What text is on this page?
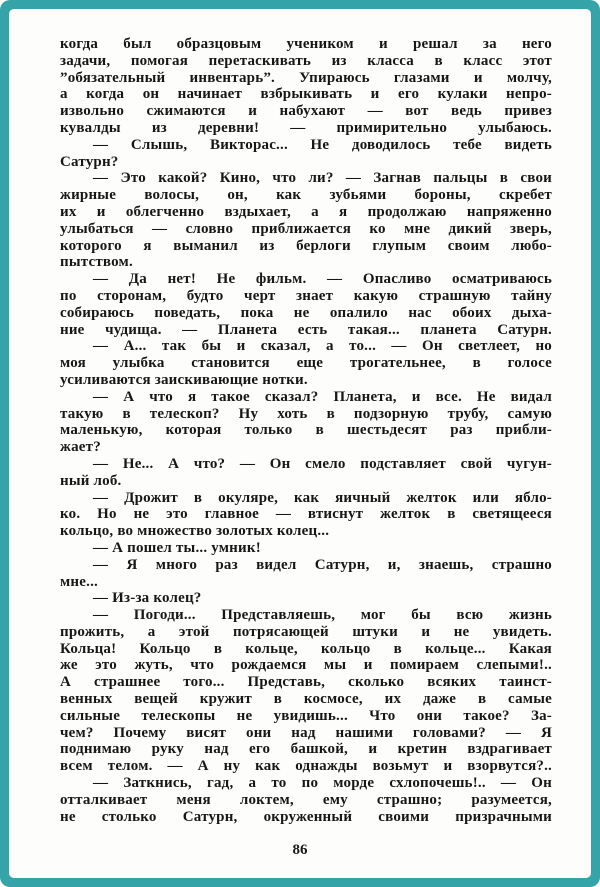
когда был образцовым учеником и решал за него
задачи, помогая перетаскивать из класса в класс этот
”обязательный инвентарь”. Упираюсь глазами и молчу,
а когда он начинает взбрыкивать и его кулаки непро-
извольно сжимаются и набухают — вот ведь привез
кувалды из деревни! — примирительно улыбаюсь.
— Слышь, Викторас... Не доводилось тебе видеть
Сатурн?
— Это какой? Кино, что ли? — Загнав пальцы в свои
жирные волосы, он, как зубьями бороны, скребет
их и облегченно вздыхает, а я продолжаю напряженно
улыбаться — словно приближается ко мне дикий зверь,
которого я выманил из берлоги глупым своим любо-
пытством.
— Да нет! Не фильм. — Опасливо осматриваюсь
по сторонам, будто черт знает какую страшную тайну
собираюсь поведать, пока не опалило нас обоих дыха-
ние чудища. — Планета есть такая... планета Сатурн.
— А... так бы и сказал, а то... — Он светлеет, но
моя улыбка становится еще трогательнее, в голосе
усиливаются заискивающие нотки.
— А что я такое сказал? Планета, и все. Не видал
такую в телескоп? Ну хоть в подзорную трубу, самую
маленькую, которая только в шестьдесят раз прибли-
жает?
— Не... А что? — Он смело подставляет свой чугун-
ный лоб.
— Дрожит в окуляре, как яичный желток или ябло-
ко. Но не это главное — втиснут желток в светящееся
кольцо, во множество золотых колец...
— А пошел ты... умник!
— Я много раз видел Сатурн, и, знаешь, страшно
мне...
— Из-за колец?
— Погоди... Представляешь, мог бы всю жизнь
прожить, а этой потрясающей штуки и не увидеть.
Кольца! Кольцо в кольце, кольцо в кольце... Какая
же это жуть, что рождаемся мы и помираем слепыми!..
А страшнее того... Представь, сколько всяких таинст-
венных вещей кружит в космосе, их даже в самые
сильные телескопы не увидишь... Что они такое? За-
чем? Почему висят они над нашими головами? — Я
поднимаю руку над его башкой, и кретин вздрагивает
всем телом. — А ну как однажды возьмут и взорвутся?..
— Заткнись, гад, а то по морде схлопочешь!.. — Он
отталкивает меня локтем, ему страшно; разумеется,
не столько Сатурн, окруженный своими призрачными
86
